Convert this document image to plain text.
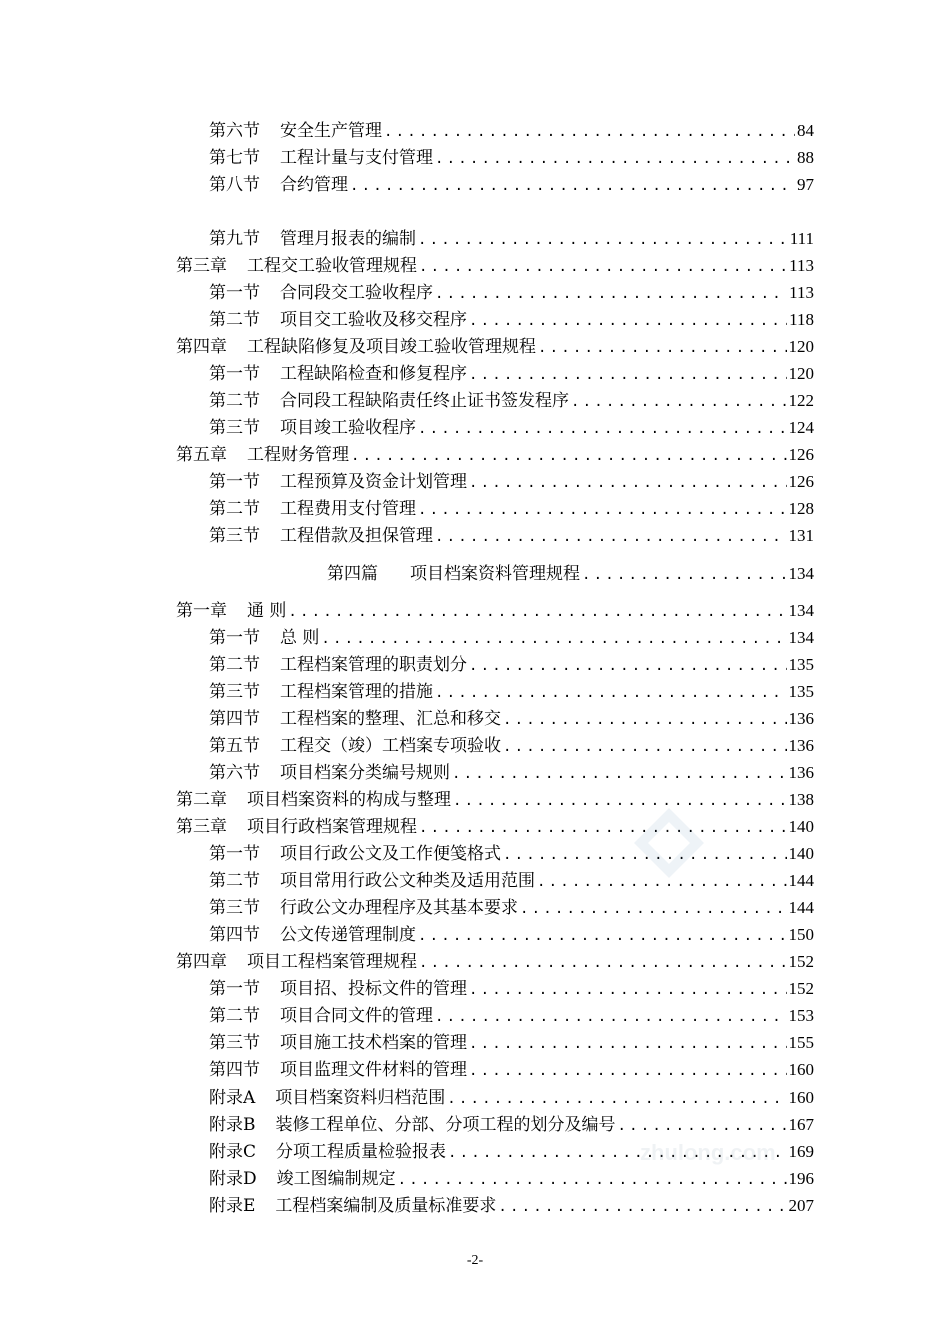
第六节 安全生产管理 .....	84
第七节 工程计量与支付管理 .....	88
第八节 合约管理 .....	97
第九节 管理月报表的编制 .....	111
第三章 工程交工验收管理规程 .....	113
第一节 合同段交工验收程序 .....	113
第二节 项目交工验收及移交程序 .....	118
第四章 工程缺陷修复及项目竣工验收管理规程 .....	120
第一节 工程缺陷检查和修复程序 .....	120
第二节 合同段工程缺陷责任终止证书签发程序 .....	122
第三节 项目竣工验收程序 .....	124
第五章 工程财务管理 .....	126
第一节 工程预算及资金计划管理 .....	126
第二节 工程费用支付管理 .....	128
第三节 工程借款及担保管理 .....	131
第四篇 项目档案资料管理规程 .....	134
第一章 通 则 .....	134
第一节 总 则 .....	134
第二节 工程档案管理的职责划分 .....	135
第三节 工程档案管理的措施 .....	135
第四节 工程档案的整理、汇总和移交 .....	136
第五节 工程交（竣）工档案专项验收 .....	136
第六节 项目档案分类编号规则 .....	136
第二章 项目档案资料的构成与整理 .....	138
第三章 项目行政档案管理规程 .....	140
第一节 项目行政公文及工作便笺格式 .....	140
第二节 项目常用行政公文种类及适用范围 .....	144
第三节 行政公文办理程序及其基本要求 .....	144
第四节 公文传递管理制度 .....	150
第四章 项目工程档案管理规程 .....	152
第一节 项目招、投标文件的管理 .....	152
第二节 项目合同文件的管理 .....	153
第三节 项目施工技术档案的管理 .....	155
第四节 项目监理文件材料的管理 .....	160
附录A 项目档案资料归档范围 .....	160
附录B 装修工程单位、分部、分项工程的划分及编号 .....	167
附录C 分项工程质量检验报表 .....	169
附录D 竣工图编制规定 .....	196
附录E 工程档案编制及质量标准要求 .....	207
zhulong.com
-2-
